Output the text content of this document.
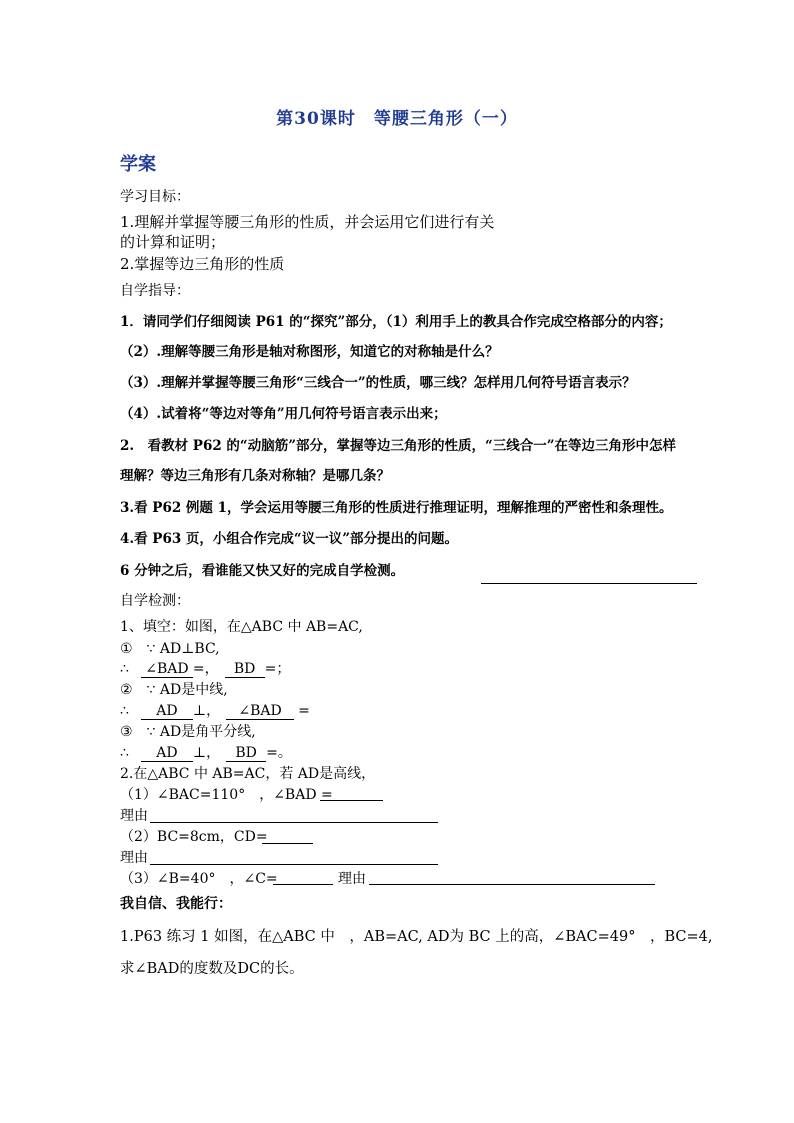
第30课时 等腰三角形（一）
学案
学习目标：
1.理解并掌握等腰三角形的性质，并会运用它们进行有关
的计算和证明；
2.掌握等边三角形的性质
自学指导：
1．请同学们仔细阅读 P61 的“探究”部分，（1）利用手上的教具合作完成空格部分的内容；
（2）.理解等腰三角形是轴对称图形，知道它的对称轴是什么？
（3）.理解并掌握等腰三角形“三线合一”的性质，哪三线？怎样用几何符号语言表示？
（4）.试着将“等边对等角”用几何符号语言表示出来；
2.　看教材 P62 的“动脑筋”部分，掌握等边三角形的性质，“三线合一”在等边三角形中怎样
理解？等边三角形有几条对称轴？是哪几条？
3.看 P62 例题 1，学会运用等腰三角形的性质进行推理证明，理解推理的严密性和条理性。
4.看 P63 页，小组合作完成“议一议”部分提出的问题。
6 分钟之后，看谁能又快又好的完成自学检测。
自学检测：
1、填空：如图，在△ABC 中 AB=AC,
①　∵ AD⊥BC,
∴ ∠BAD =， BD =；
②　∵ AD是中线,
∴ AD ⊥， ∠BAD =
③　∵ AD是角平分线,
∴ AD ⊥， BD =。
2.在△ABC 中 AB=AC，若 AD是高线，
（1）∠BAC=110°　，∠BAD =
理由
（2）BC=8cm，CD=
理由
（3）∠B=40°　，∠C=	理由
我自信、我能行：
1.P63 练习 1 如图，在△ABC 中　，AB=AC, AD为 BC 上的高，∠BAC=49°　，BC=4,
求∠BAD的度数及DC的长。
